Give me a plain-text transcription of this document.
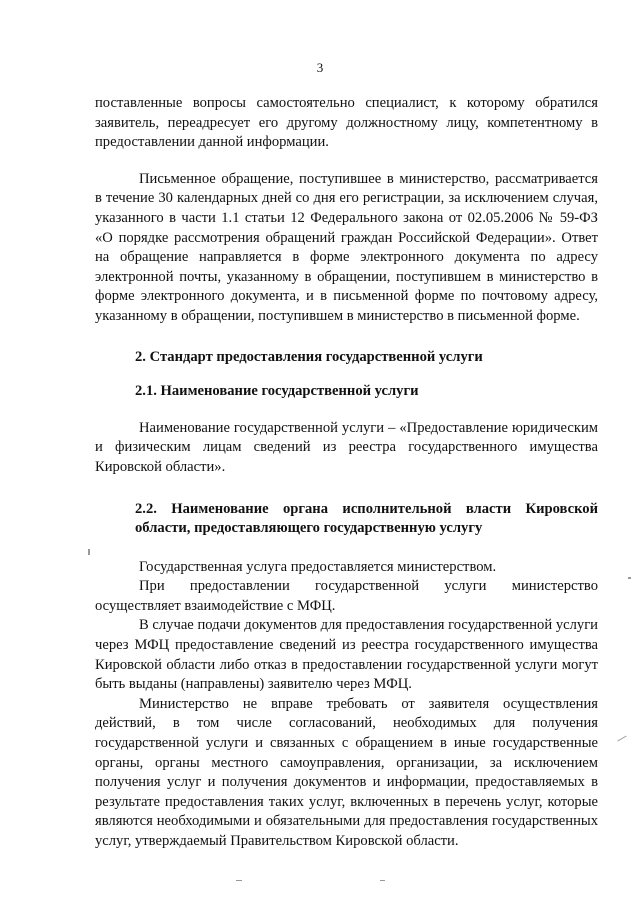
3

поставленные вопросы самостоятельно специалист, к которому обратился заявитель, переадресует его другому должностному лицу, компетентному в предоставлении данной информации.

Письменное обращение, поступившее в министерство, рассматривается в течение 30 календарных дней со дня его регистрации, за исключением случая, указанного в части 1.1 статьи 12 Федерального закона от 02.05.2006 № 59-ФЗ «О порядке рассмотрения обращений граждан Российской Федерации». Ответ на обращение направляется в форме электронного документа по адресу электронной почты, указанному в обращении, поступившем в министерство в форме электронного документа, и в письменной форме по почтовому адресу, указанному в обращении, поступившем в министерство в письменной форме.

2. Стандарт предоставления государственной услуги
2.1. Наименование государственной услуги

Наименование государственной услуги – «Предоставление юридическим и физическим лицам сведений из реестра государственного имущества Кировской области».

2.2. Наименование органа исполнительной власти Кировской области, предоставляющего государственную услугу

Государственная услуга предоставляется министерством.

При предоставлении государственной услуги министерство осуществляет взаимодействие с МФЦ.

В случае подачи документов для предоставления государственной услуги через МФЦ предоставление сведений из реестра государственного имущества Кировской области либо отказ в предоставлении государственной услуги могут быть выданы (направлены) заявителю через МФЦ.

Министерство не вправе требовать от заявителя осуществления действий, в том числе согласований, необходимых для получения государственной услуги и связанных с обращением в иные государственные органы, органы местного самоуправления, организации, за исключением получения услуг и получения документов и информации, предоставляемых в результате предоставления таких услуг, включенных в перечень услуг, которые являются необходимыми и обязательными для предоставления государственных услуг, утверждаемый Правительством Кировской области.
